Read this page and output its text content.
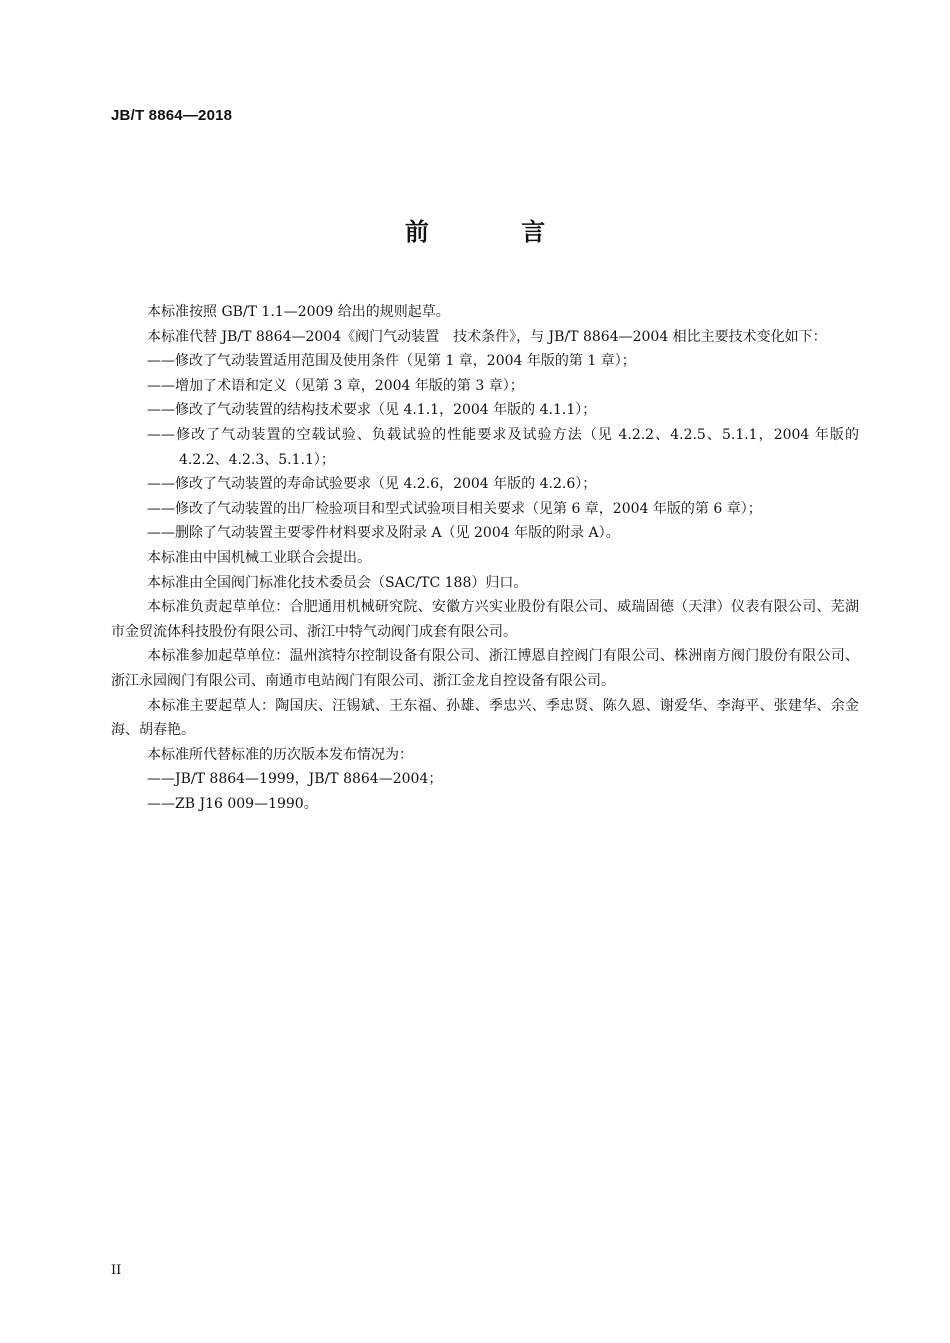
JB/T 8864—2018
前 言

本标准按照 GB/T 1.1—2009 给出的规则起草。

本标准代替 JB/T 8864—2004《阀门气动装置　技术条件》，与 JB/T 8864—2004 相比主要技术变化如下：

——修改了气动装置适用范围及使用条件（见第 1 章，2004 年版的第 1 章）；

——增加了术语和定义（见第 3 章，2004 年版的第 3 章）；

——修改了气动装置的结构技术要求（见 4.1.1，2004 年版的 4.1.1）；

——修改了气动装置的空载试验、负载试验的性能要求及试验方法（见 4.2.2、4.2.5、5.1.1，2004 年版的 4.2.2、4.2.3、5.1.1）；

——修改了气动装置的寿命试验要求（见 4.2.6，2004 年版的 4.2.6）；

——修改了气动装置的出厂检验项目和型式试验项目相关要求（见第 6 章，2004 年版的第 6 章）；

——删除了气动装置主要零件材料要求及附录 A（见 2004 年版的附录 A）。

本标准由中国机械工业联合会提出。

本标准由全国阀门标准化技术委员会（SAC/TC 188）归口。

本标准负责起草单位：合肥通用机械研究院、安徽方兴实业股份有限公司、威瑞固德（天津）仪表有限公司、芜湖市金贸流体科技股份有限公司、浙江中特气动阀门成套有限公司。

本标准参加起草单位：温州滨特尔控制设备有限公司、浙江博恩自控阀门有限公司、株洲南方阀门股份有限公司、浙江永园阀门有限公司、南通市电站阀门有限公司、浙江金龙自控设备有限公司。

本标准主要起草人：陶国庆、汪锡斌、王东福、孙雄、季忠兴、季忠贤、陈久恩、谢爱华、李海平、张建华、余金海、胡春艳。

本标准所代替标准的历次版本发布情况为：

——JB/T 8864—1999，JB/T 8864—2004；

——ZB J16 009—1990。

II
